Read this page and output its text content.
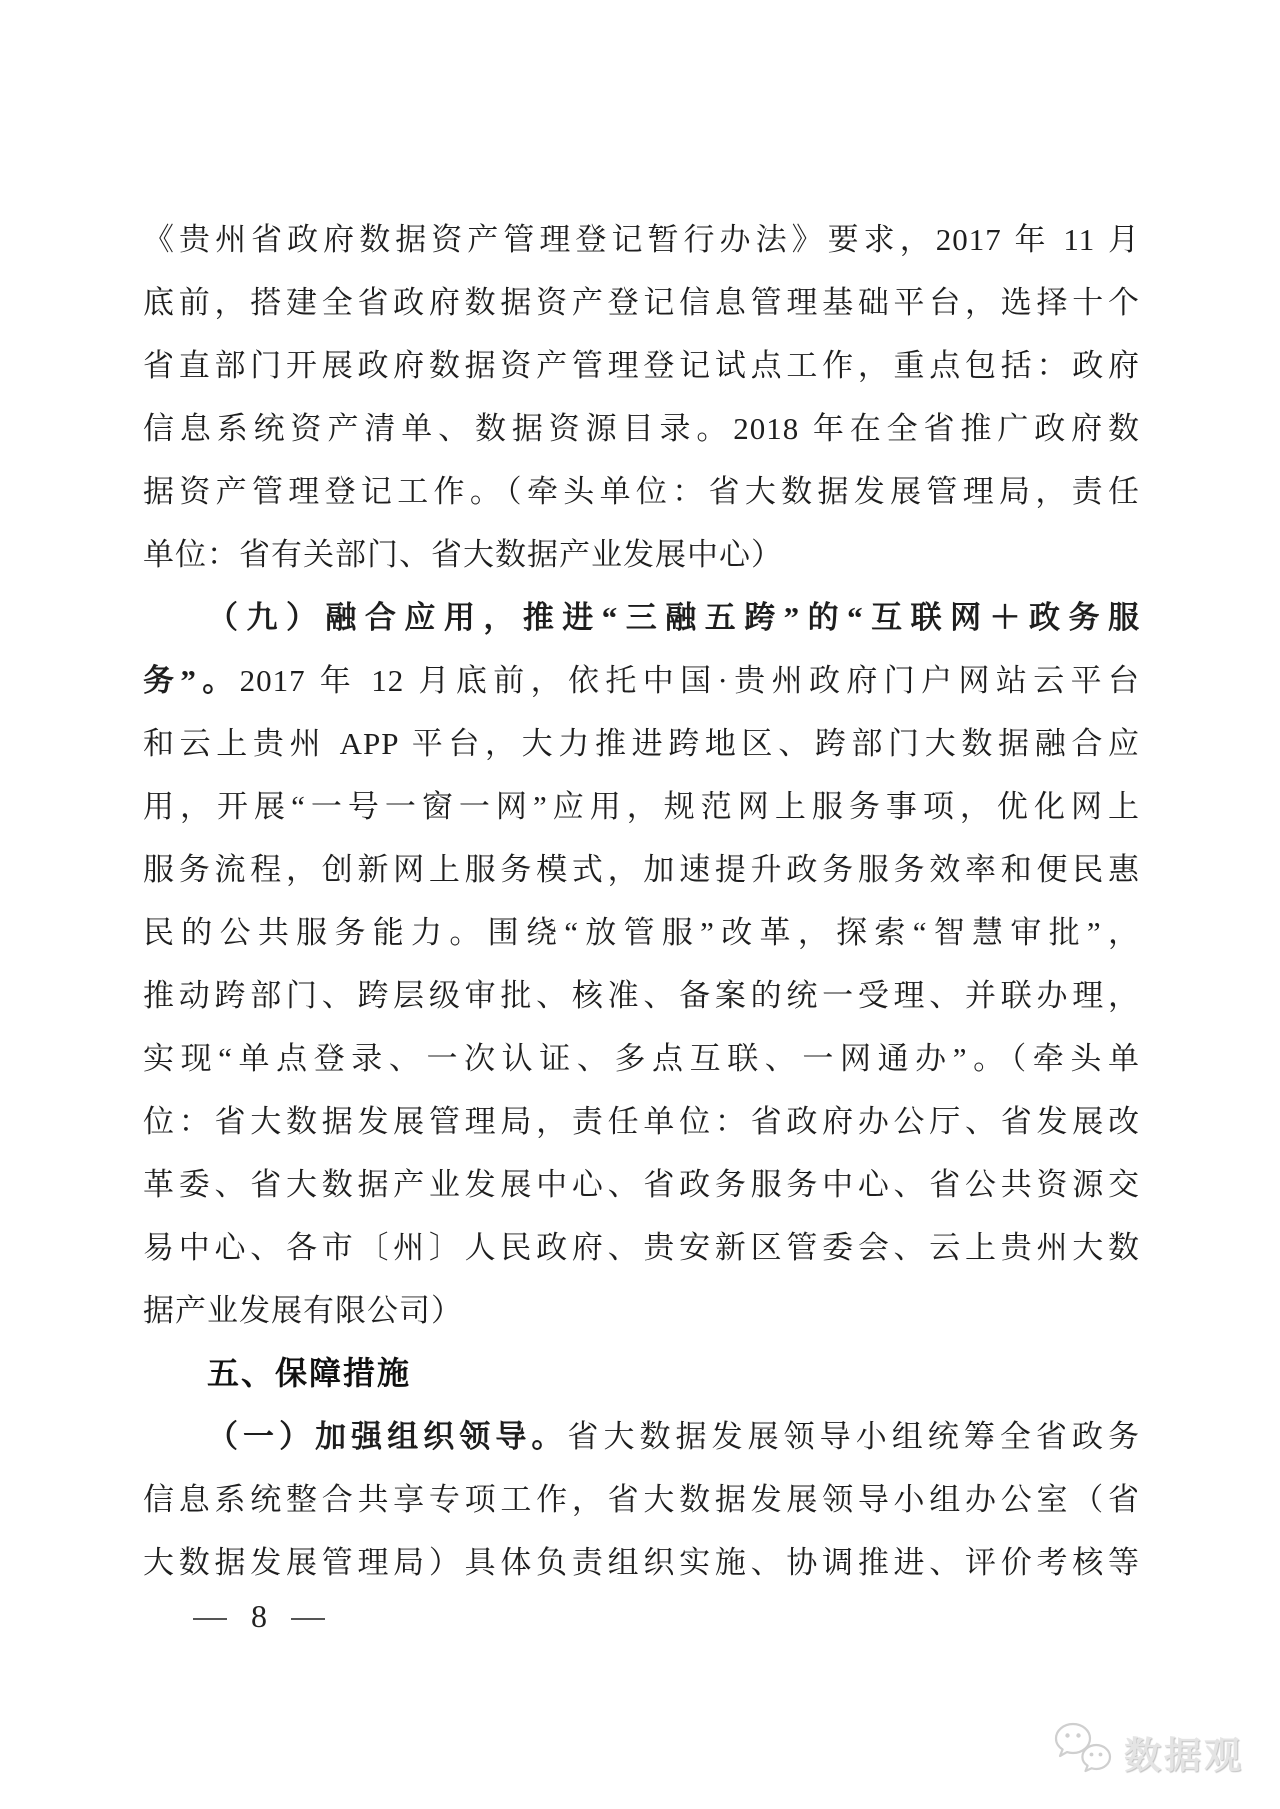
《贵州省政府数据资产管理登记暂行办法》要求，2017 年 11 月
底前，搭建全省政府数据资产登记信息管理基础平台，选择十个
省直部门开展政府数据资产管理登记试点工作，重点包括：政府
信息系统资产清单、数据资源目录。2018 年在全省推广政府数
据资产管理登记工作。（牵头单位：省大数据发展管理局，责任
单位：省有关部门、省大数据产业发展中心）
（九）融合应用，推进“三融五跨”的“互联网＋政务服
务”。2017 年 12 月底前，依托中国·贵州政府门户网站云平台
和云上贵州 APP 平台，大力推进跨地区、跨部门大数据融合应
用，开展“一号一窗一网”应用，规范网上服务事项，优化网上
服务流程，创新网上服务模式，加速提升政务服务效率和便民惠
民的公共服务能力。围绕“放管服”改革，探索“智慧审批”，
推动跨部门、跨层级审批、核准、备案的统一受理、并联办理，
实现“单点登录、一次认证、多点互联、一网通办”。（牵头单
位：省大数据发展管理局，责任单位：省政府办公厅、省发展改
革委、省大数据产业发展中心、省政务服务中心、省公共资源交
易中心、各市〔州〕人民政府、贵安新区管委会、云上贵州大数
据产业发展有限公司）
五、保障措施
（一）加强组织领导。省大数据发展领导小组统筹全省政务
信息系统整合共享专项工作，省大数据发展领导小组办公室（省
大数据发展管理局）具体负责组织实施、协调推进、评价考核等
8
数据观
